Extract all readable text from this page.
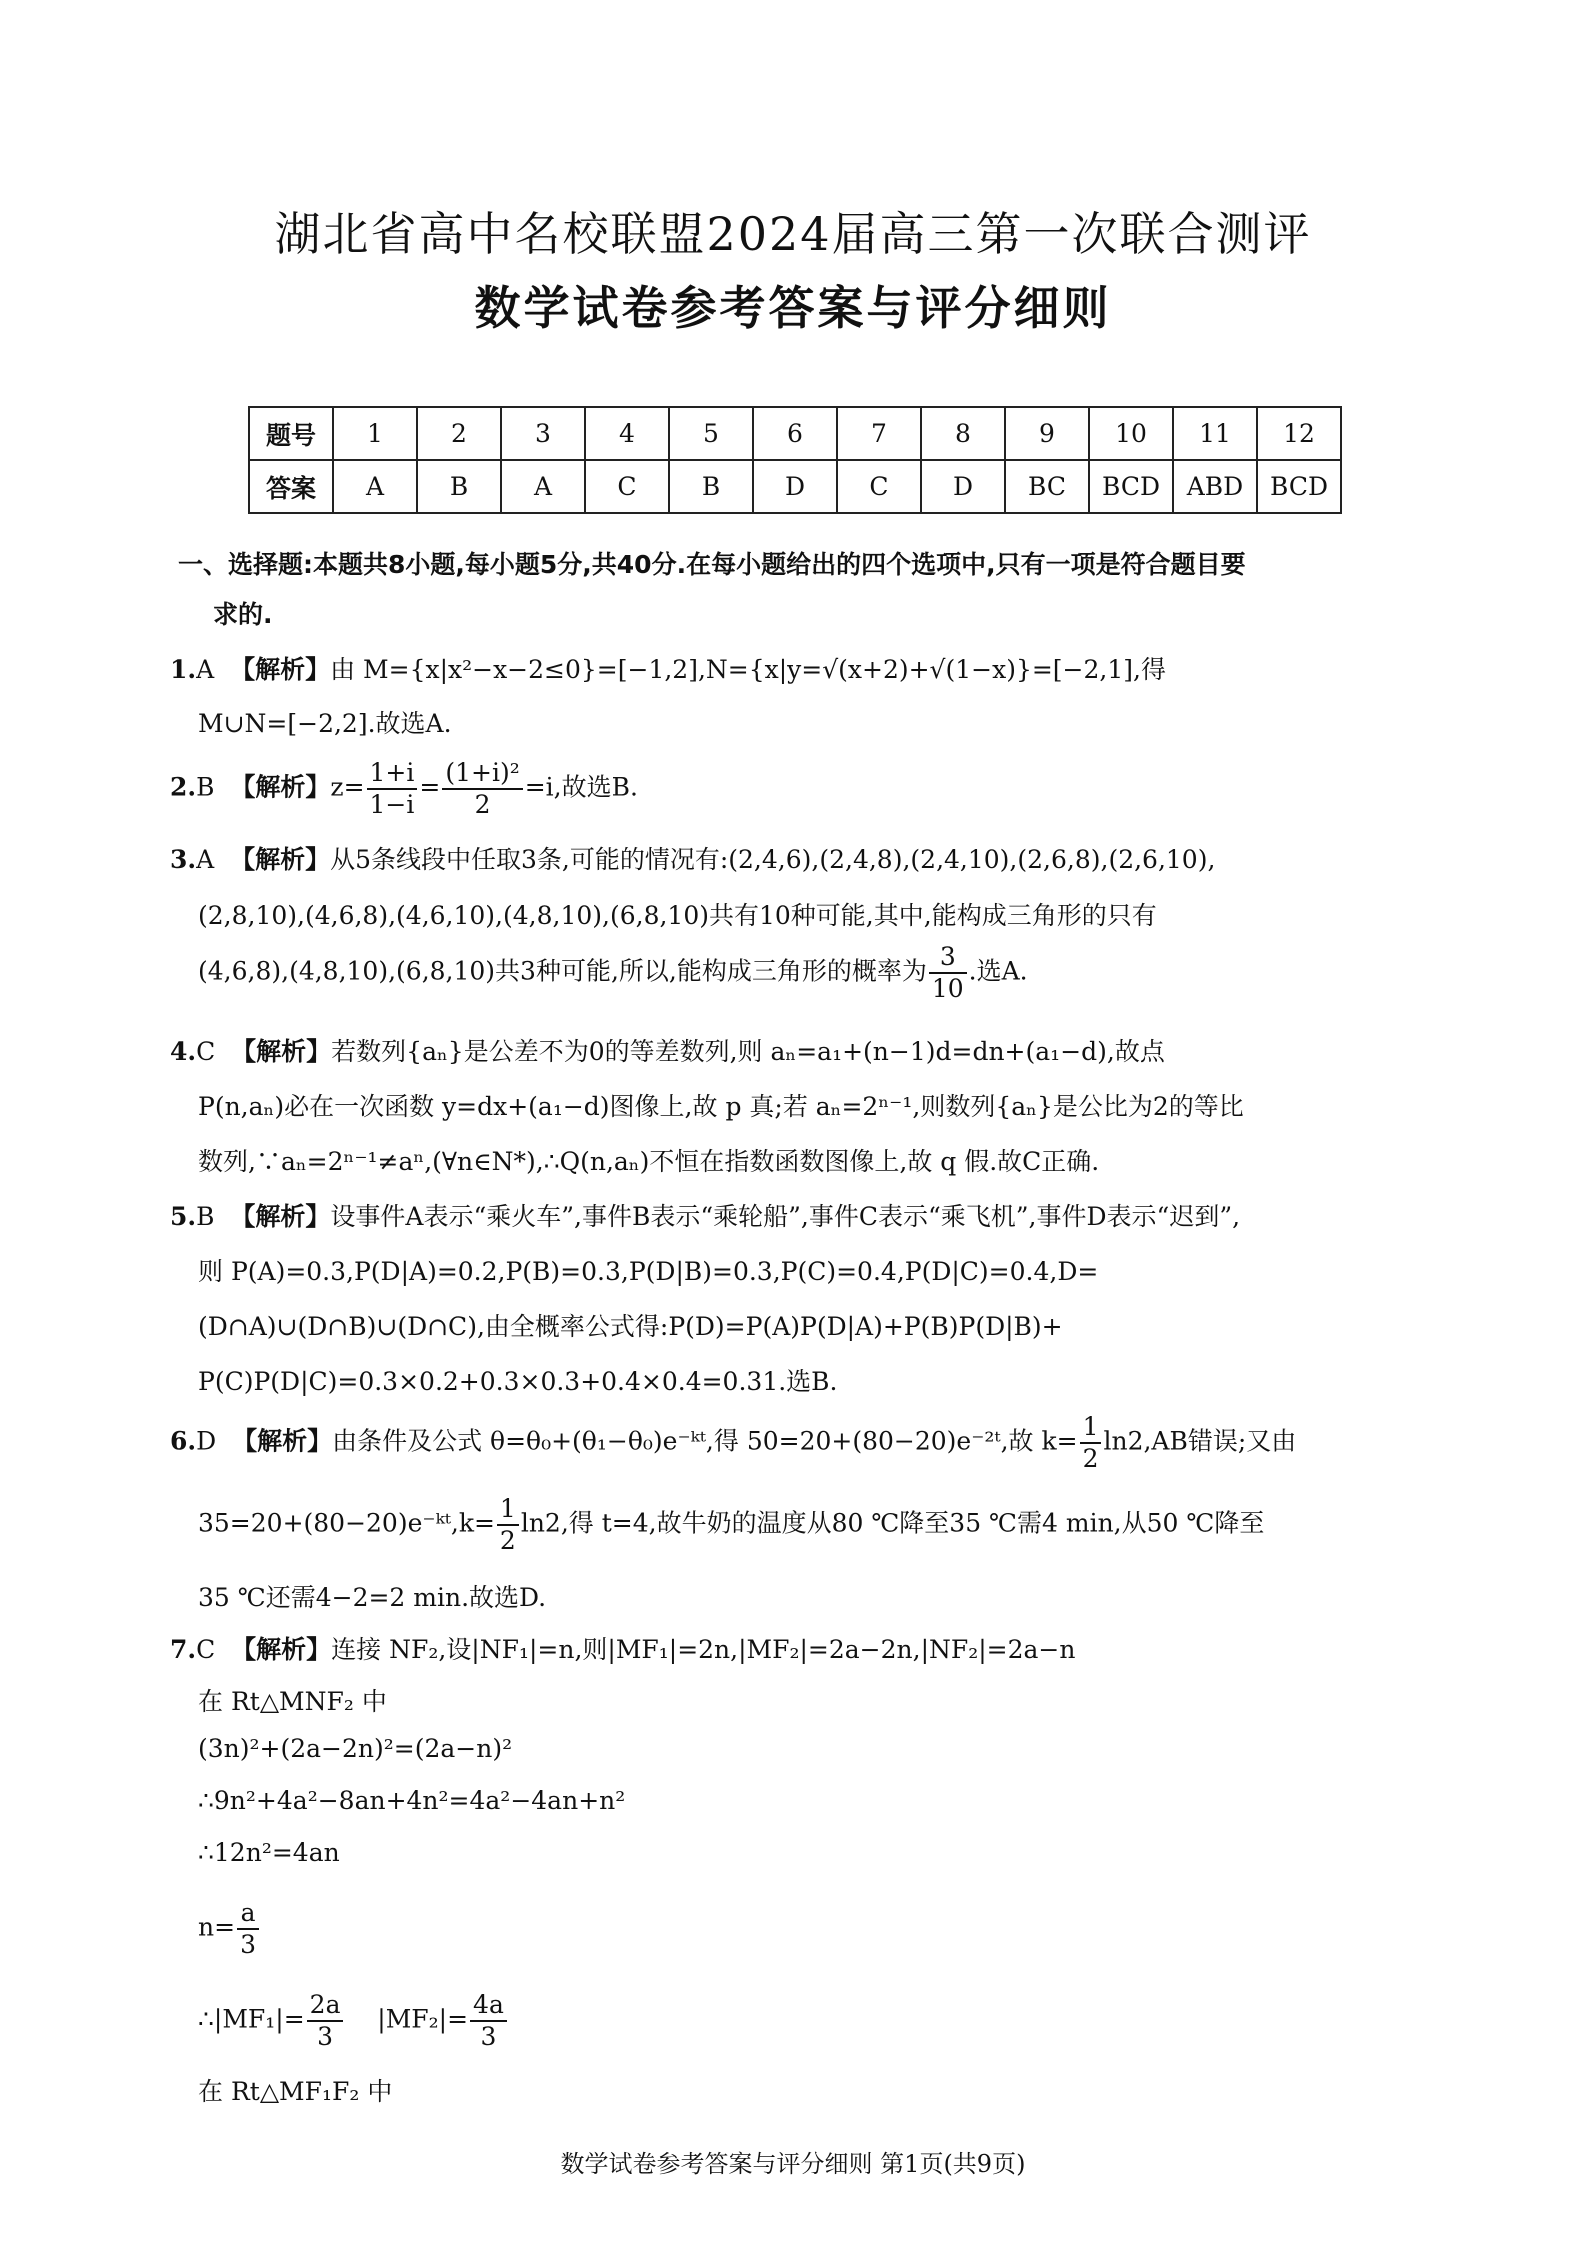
湖北省高中名校联盟2024届高三第一次联合测评
数学试卷参考答案与评分细则
题号	1	2	3	4	5	6	7	8	9	10	11	12
答案	A	B	A	C	B	D	C	D	BC	BCD	ABD	BCD
一、选择题:本题共8小题,每小题5分,共40分.在每小题给出的四个选项中,只有一项是符合题目要
求的.
1.A 【解析】由 M={x|x²−x−2≤0}=[−1,2],N={x|y=√(x+2)+√(1−x)}=[−2,1],得
M∪N=[−2,2].故选A.
2.B 【解析】$z= \frac{1+i}{1-i} = \frac{\text{(1+i)²}}{2} =i$,故选B.
3.A 【解析】从5条线段中任取3条,可能的情况有:(2,4,6),(2,4,8),(2,4,10),(2,6,8),(2,6,10),
(2,8,10),(4,6,8),(4,6,10),(4,8,10),(6,8,10)共有10种可能,其中,能构成三角形的只有
(4,6,8),(4,8,10),(6,8,10)共3种可能,所以,能构成三角形的概率为 $\frac{3}{10}$ .选A.
4.C 【解析】若数列{aₙ}是公差不为0的等差数列,则 aₙ=a₁+(n−1)d=dn+(a₁−d),故点
P(n,aₙ)必在一次函数 y=dx+(a₁−d)图像上,故 p 真;若 aₙ=2ⁿ⁻¹,则数列{aₙ}是公比为2的等比
数列,∵aₙ=2ⁿ⁻¹≠aⁿ,(∀n∈N*),∴Q(n,aₙ)不恒在指数函数图像上,故 q 假.故C正确.
5.B 【解析】设事件A表示“乘火车”,事件B表示“乘轮船”,事件C表示“乘飞机”,事件D表示“迟到”,
则 P(A)=0.3,P(D|A)=0.2,P(B)=0.3,P(D|B)=0.3,P(C)=0.4,P(D|C)=0.4,D=
(D∩A)∪(D∩B)∪(D∩C),由全概率公式得:P(D)=P(A)P(D|A)+P(B)P(D|B)+
P(C)P(D|C)=0.3×0.2+0.3×0.3+0.4×0.4=0.31.选B.
6.D 【解析】由条件及公式 θ=θ₀+(θ₁−θ₀)e⁻ᵏᵗ,得 50=20+(80−20)e⁻²ᵗ,故 $k= \frac{1}{2} \ln 2,AB$错误;又由
35=20+(80−20)e⁻ᵏᵗ,k= $\frac{1}{2} \ln 2$,得 t=4,故牛奶的温度从80 ℃降至35 ℃需4 min,从50 ℃降至
35 ℃还需4−2=2 min.故选D.
7.C 【解析】连接 NF₂,设|NF₁|=n,则|MF₁|=2n,|MF₂|=2a−2n,|NF₂|=2a−n
在 Rt△MNF₂ 中
(3n)²+(2a−2n)²=(2a−n)²
∴9n²+4a²−8an+4n²=4a²−4an+n²
∴12n²=4an
$n= \frac{a}{3}$
∴|MF₁|= $\frac{2a}{3} |MF_2|= \frac{4a}{3}$
在 Rt△MF₁F₂ 中
数学试卷参考答案与评分细则 第1页(共9页)
